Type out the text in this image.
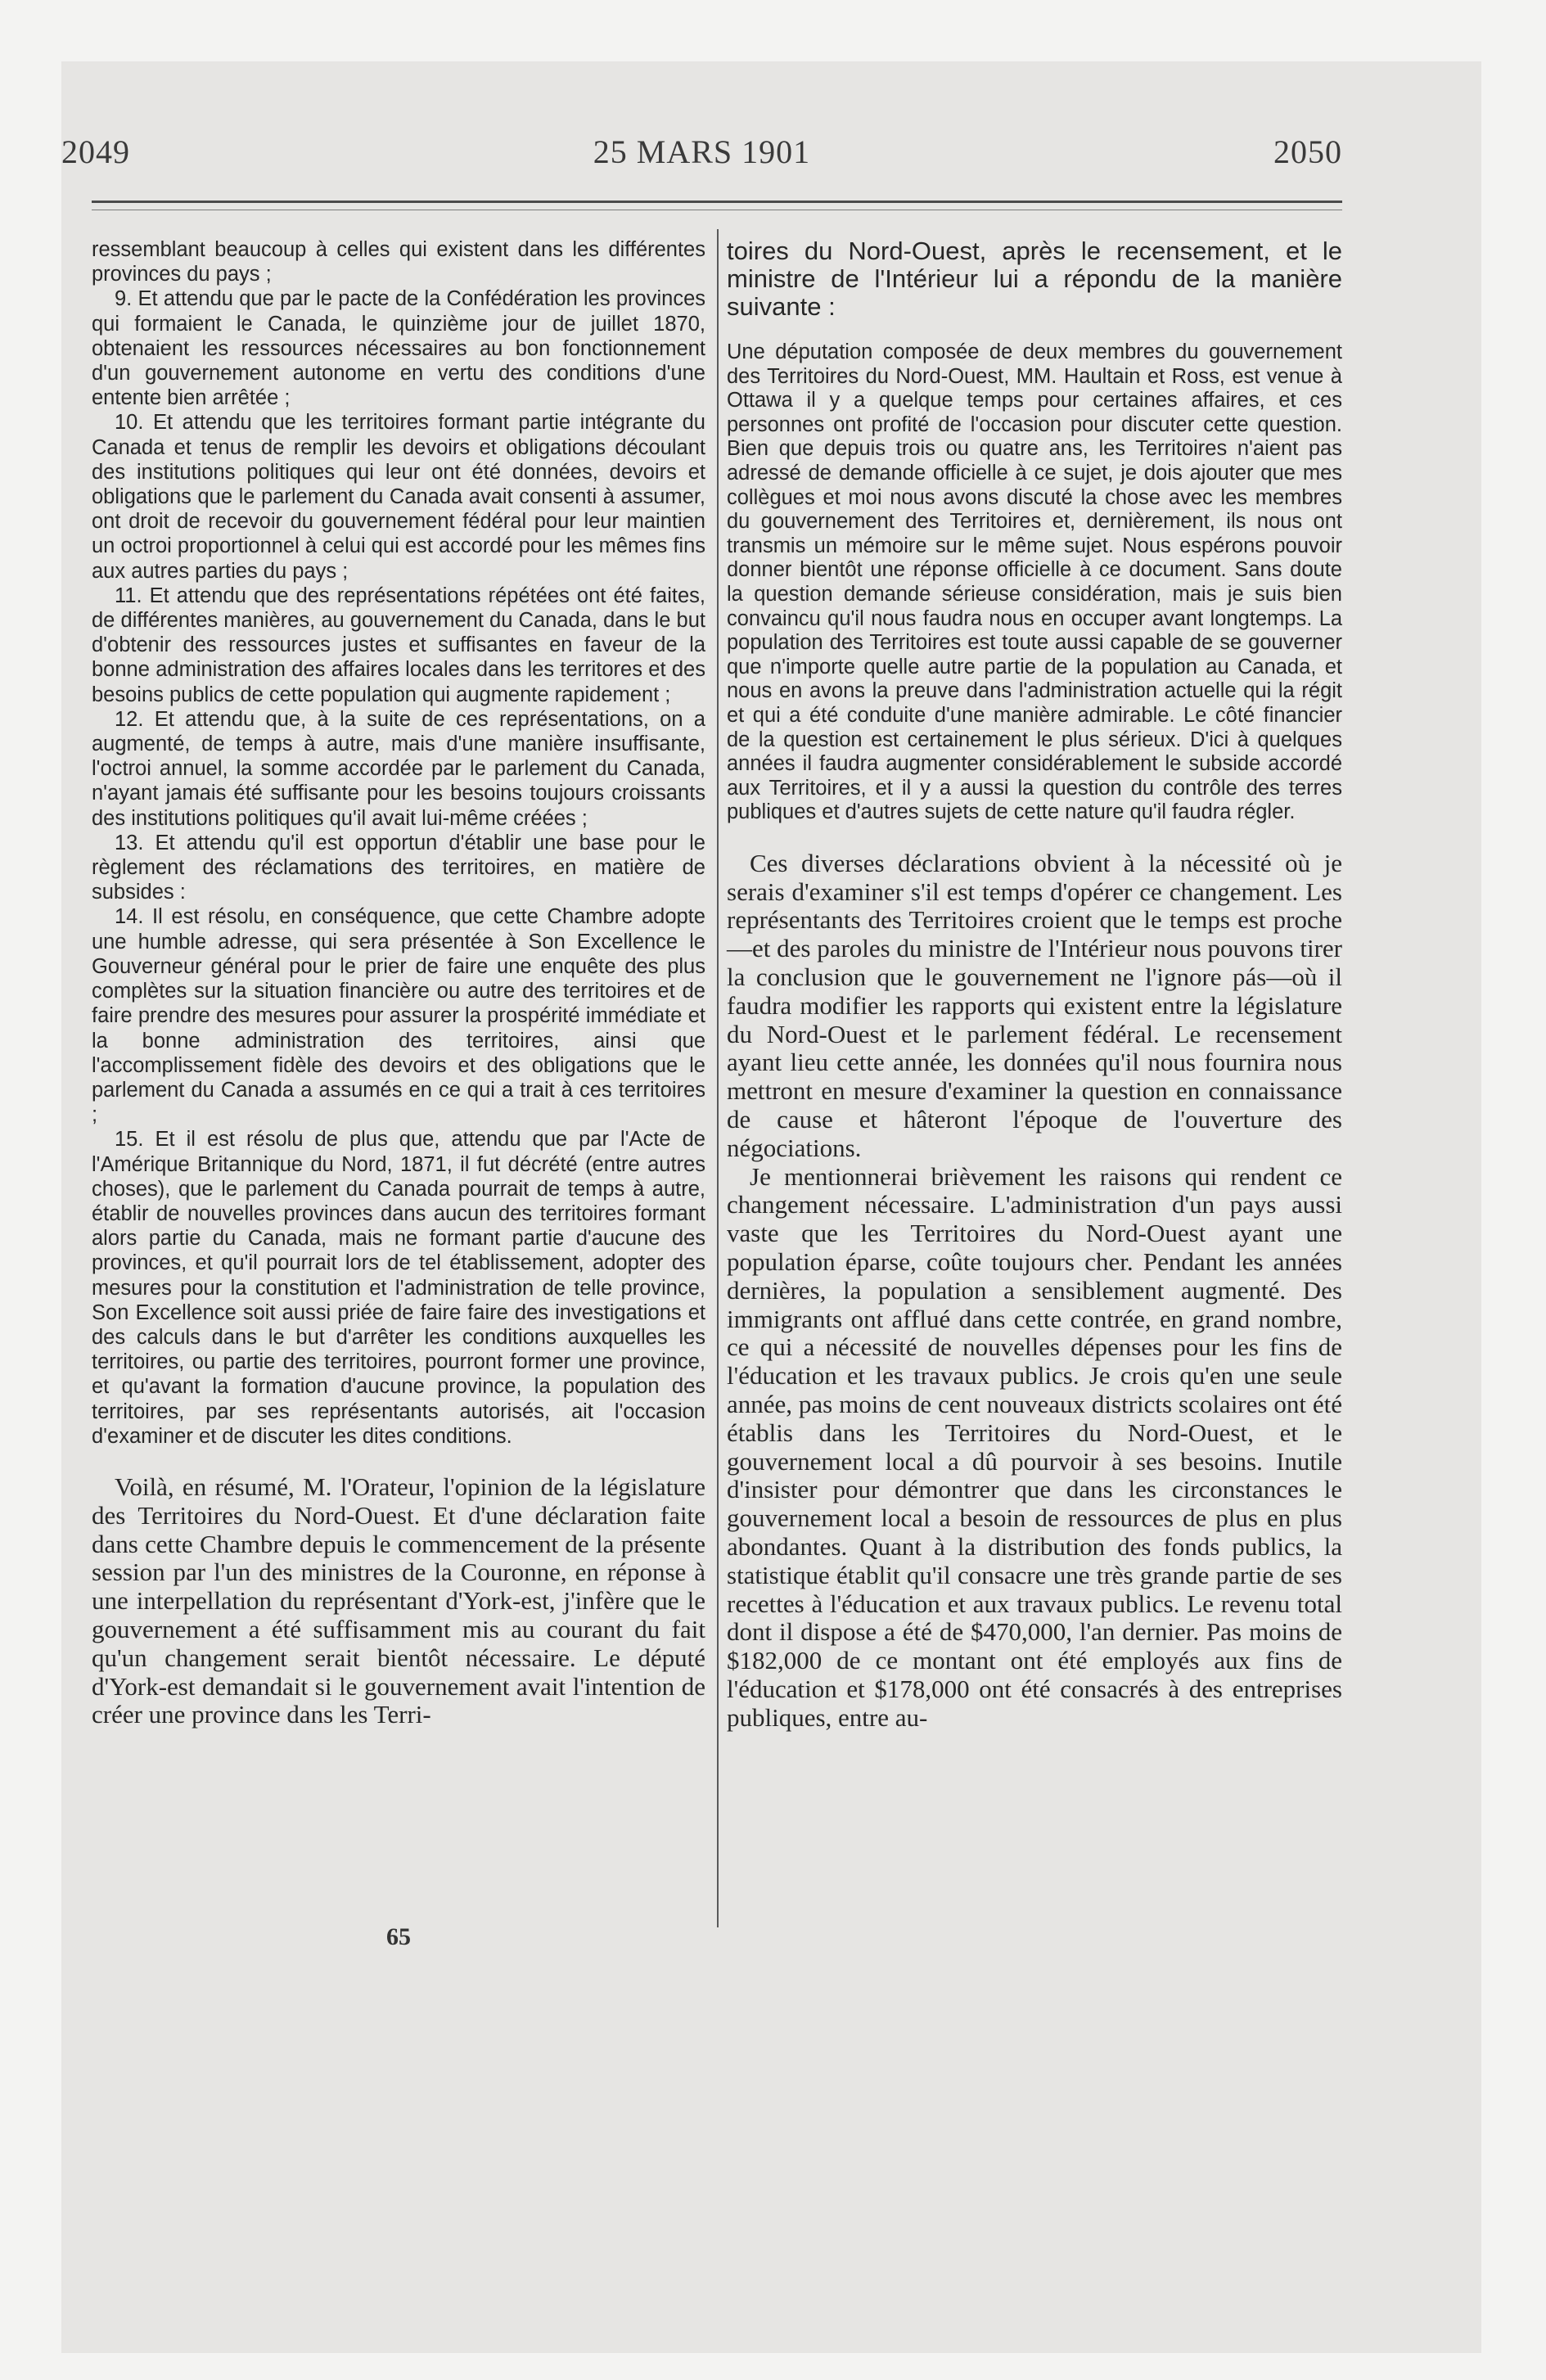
2049	25 MARS 1901	2050

ressemblant beaucoup à celles qui existent dans les différentes provinces du pays ;

9. Et attendu que par le pacte de la Confédération les provinces qui formaient le Canada, le quinzième jour de juillet 1870, obtenaient les ressources nécessaires au bon fonctionnement d'un gouvernement autonome en vertu des conditions d'une entente bien arrêtée ;

10. Et attendu que les territoires formant partie intégrante du Canada et tenus de remplir les devoirs et obligations découlant des institutions politiques qui leur ont été données, devoirs et obligations que le parlement du Canada avait consenti à assumer, ont droit de recevoir du gouvernement fédéral pour leur maintien un octroi proportionnel à celui qui est accordé pour les mêmes fins aux autres parties du pays ;

11. Et attendu que des représentations répétées ont été faites, de différentes manières, au gouvernement du Canada, dans le but d'obtenir des ressources justes et suffisantes en faveur de la bonne administration des affaires locales dans les territores et des besoins publics de cette population qui augmente rapidement ;

12. Et attendu que, à la suite de ces représentations, on a augmenté, de temps à autre, mais d'une manière insuffisante, l'octroi annuel, la somme accordée par le parlement du Canada, n'ayant jamais été suffisante pour les besoins toujours croissants des institutions politiques qu'il avait lui-même créées ;

13. Et attendu qu'il est opportun d'établir une base pour le règlement des réclamations des territoires, en matière de subsides :

14. Il est résolu, en conséquence, que cette Chambre adopte une humble adresse, qui sera présentée à Son Excellence le Gouverneur général pour le prier de faire une enquête des plus complètes sur la situation financière ou autre des territoires et de faire prendre des mesures pour assurer la prospérité immédiate et la bonne administration des territoires, ainsi que l'accomplissement fidèle des devoirs et des obligations que le parlement du Canada a assumés en ce qui a trait à ces territoires ;

15. Et il est résolu de plus que, attendu que par l'Acte de l'Amérique Britannique du Nord, 1871, il fut décrété (entre autres choses), que le parlement du Canada pourrait de temps à autre, établir de nouvelles provinces dans aucun des territoires formant alors partie du Canada, mais ne formant partie d'aucune des provinces, et qu'il pourrait lors de tel établissement, adopter des mesures pour la constitution et l'administration de telle province, Son Excellence soit aussi priée de faire faire des investigations et des calculs dans le but d'arrêter les conditions auxquelles les territoires, ou partie des territoires, pourront former une province, et qu'avant la formation d'aucune province, la population des territoires, par ses représentants autorisés, ait l'occasion d'examiner et de discuter les dites conditions.

Voilà, en résumé, M. l'Orateur, l'opinion de la législature des Territoires du Nord-Ouest. Et d'une déclaration faite dans cette Chambre depuis le commencement de la présente session par l'un des ministres de la Couronne, en réponse à une interpellation du représentant d'York-est, j'infère que le gouvernement a été suffisamment mis au courant du fait qu'un changement serait bientôt nécessaire. Le député d'York-est demandait si le gouvernement avait l'intention de créer une province dans les Terri-

65

toires du Nord-Ouest, après le recensement, et le ministre de l'Intérieur lui a répondu de la manière suivante :

Une députation composée de deux membres du gouvernement des Territoires du Nord-Ouest, MM. Haultain et Ross, est venue à Ottawa il y a quelque temps pour certaines affaires, et ces personnes ont profité de l'occasion pour discuter cette question. Bien que depuis trois ou quatre ans, les Territoires n'aient pas adressé de demande officielle à ce sujet, je dois ajouter que mes collègues et moi nous avons discuté la chose avec les membres du gouvernement des Territoires et, dernièrement, ils nous ont transmis un mémoire sur le même sujet. Nous espérons pouvoir donner bientôt une réponse officielle à ce document. Sans doute la question demande sérieuse considération, mais je suis bien convaincu qu'il nous faudra nous en occuper avant longtemps. La population des Territoires est toute aussi capable de se gouverner que n'importe quelle autre partie de la population au Canada, et nous en avons la preuve dans l'administration actuelle qui la régit et qui a été conduite d'une manière admirable. Le côté financier de la question est certainement le plus sérieux. D'ici à quelques années il faudra augmenter considérablement le subside accordé aux Territoires, et il y a aussi la question du contrôle des terres publiques et d'autres sujets de cette nature qu'il faudra régler.

Ces diverses déclarations obvient à la nécessité où je serais d'examiner s'il est temps d'opérer ce changement. Les représentants des Territoires croient que le temps est proche—et des paroles du ministre de l'Intérieur nous pouvons tirer la conclusion que le gouvernement ne l'ignore pás—où il faudra modifier les rapports qui existent entre la législature du Nord-Ouest et le parlement fédéral. Le recensement ayant lieu cette année, les données qu'il nous fournira nous mettront en mesure d'examiner la question en connaissance de cause et hâteront l'époque de l'ouverture des négociations.

Je mentionnerai brièvement les raisons qui rendent ce changement nécessaire. L'administration d'un pays aussi vaste que les Territoires du Nord-Ouest ayant une population éparse, coûte toujours cher. Pendant les années dernières, la population a sensiblement augmenté. Des immigrants ont afflué dans cette contrée, en grand nombre, ce qui a nécessité de nouvelles dépenses pour les fins de l'éducation et les travaux publics. Je crois qu'en une seule année, pas moins de cent nouveaux districts scolaires ont été établis dans les Territoires du Nord-Ouest, et le gouvernement local a dû pourvoir à ses besoins. Inutile d'insister pour démontrer que dans les circonstances le gouvernement local a besoin de ressources de plus en plus abondantes. Quant à la distribution des fonds publics, la statistique établit qu'il consacre une très grande partie de ses recettes à l'éducation et aux travaux publics. Le revenu total dont il dispose a été de $470,000, l'an dernier. Pas moins de $182,000 de ce montant ont été employés aux fins de l'éducation et $178,000 ont été consacrés à des entreprises publiques, entre au-
